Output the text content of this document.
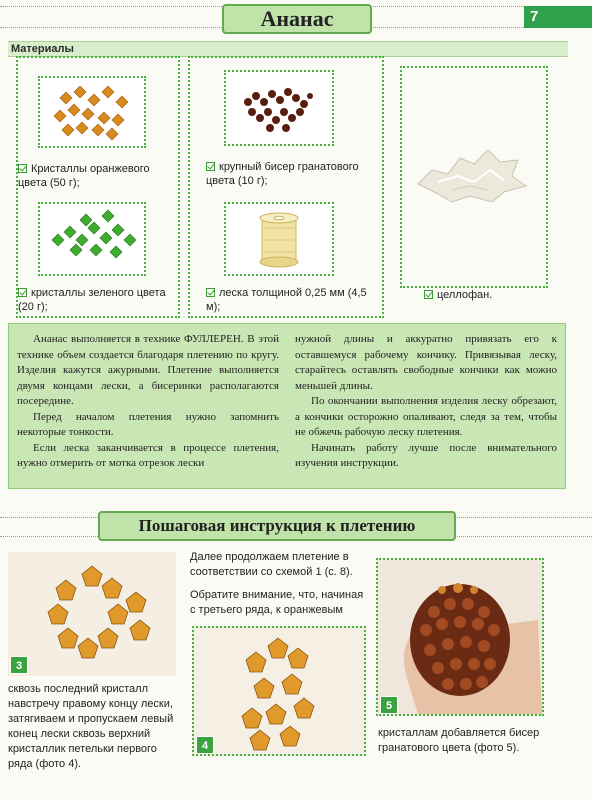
Ананас	7
Материалы
Кристаллы оранжевого цвета (50 г);
крупный бисер гранатового цвета (10 г);
кристаллы зеленого цвета (20 г);
леска толщиной 0,25 мм (4,5 м);
целлофан.

Ананас выполняется в технике ФУЛЛЕРЕН. В этой технике объем создается благодаря плетению по кругу. Изделия кажутся ажурными. Плетение выполняется двумя концами лески, а бисеринки располагаются посередине.

Перед началом плетения нужно запомнить некоторые тонкости.

Если леска заканчивается в процессе плетения, нужно отмерить от мотка отрезок лески

нужной длины и аккуратно привязать его к оставшемуся рабочему кончику. Привязывая леску, старайтесь оставлять свободные кончики как можно меньшей длины.

По окончании выполнения изделия леску обрезают, а кончики осторожно опаливают, следя за тем, чтобы не обжечь рабочую леску плетения.

Начинать работу лучше после внимательного изучения инструкции.

Пошаговая инструкция к плетению
3
сквозь последний кристалл навстречу правому концу лески, затягиваем и пропускаем левый конец лески сквозь верхний кристаллик петельки первого ряда (фото 4).
Далее продолжаем плетение в соответствии со схемой 1 (с. 8).
Обратите внимание, что, начиная с третьего ряда, к оранжевым
4
5
кристаллам добавляется бисер гранатового цвета (фото 5).
